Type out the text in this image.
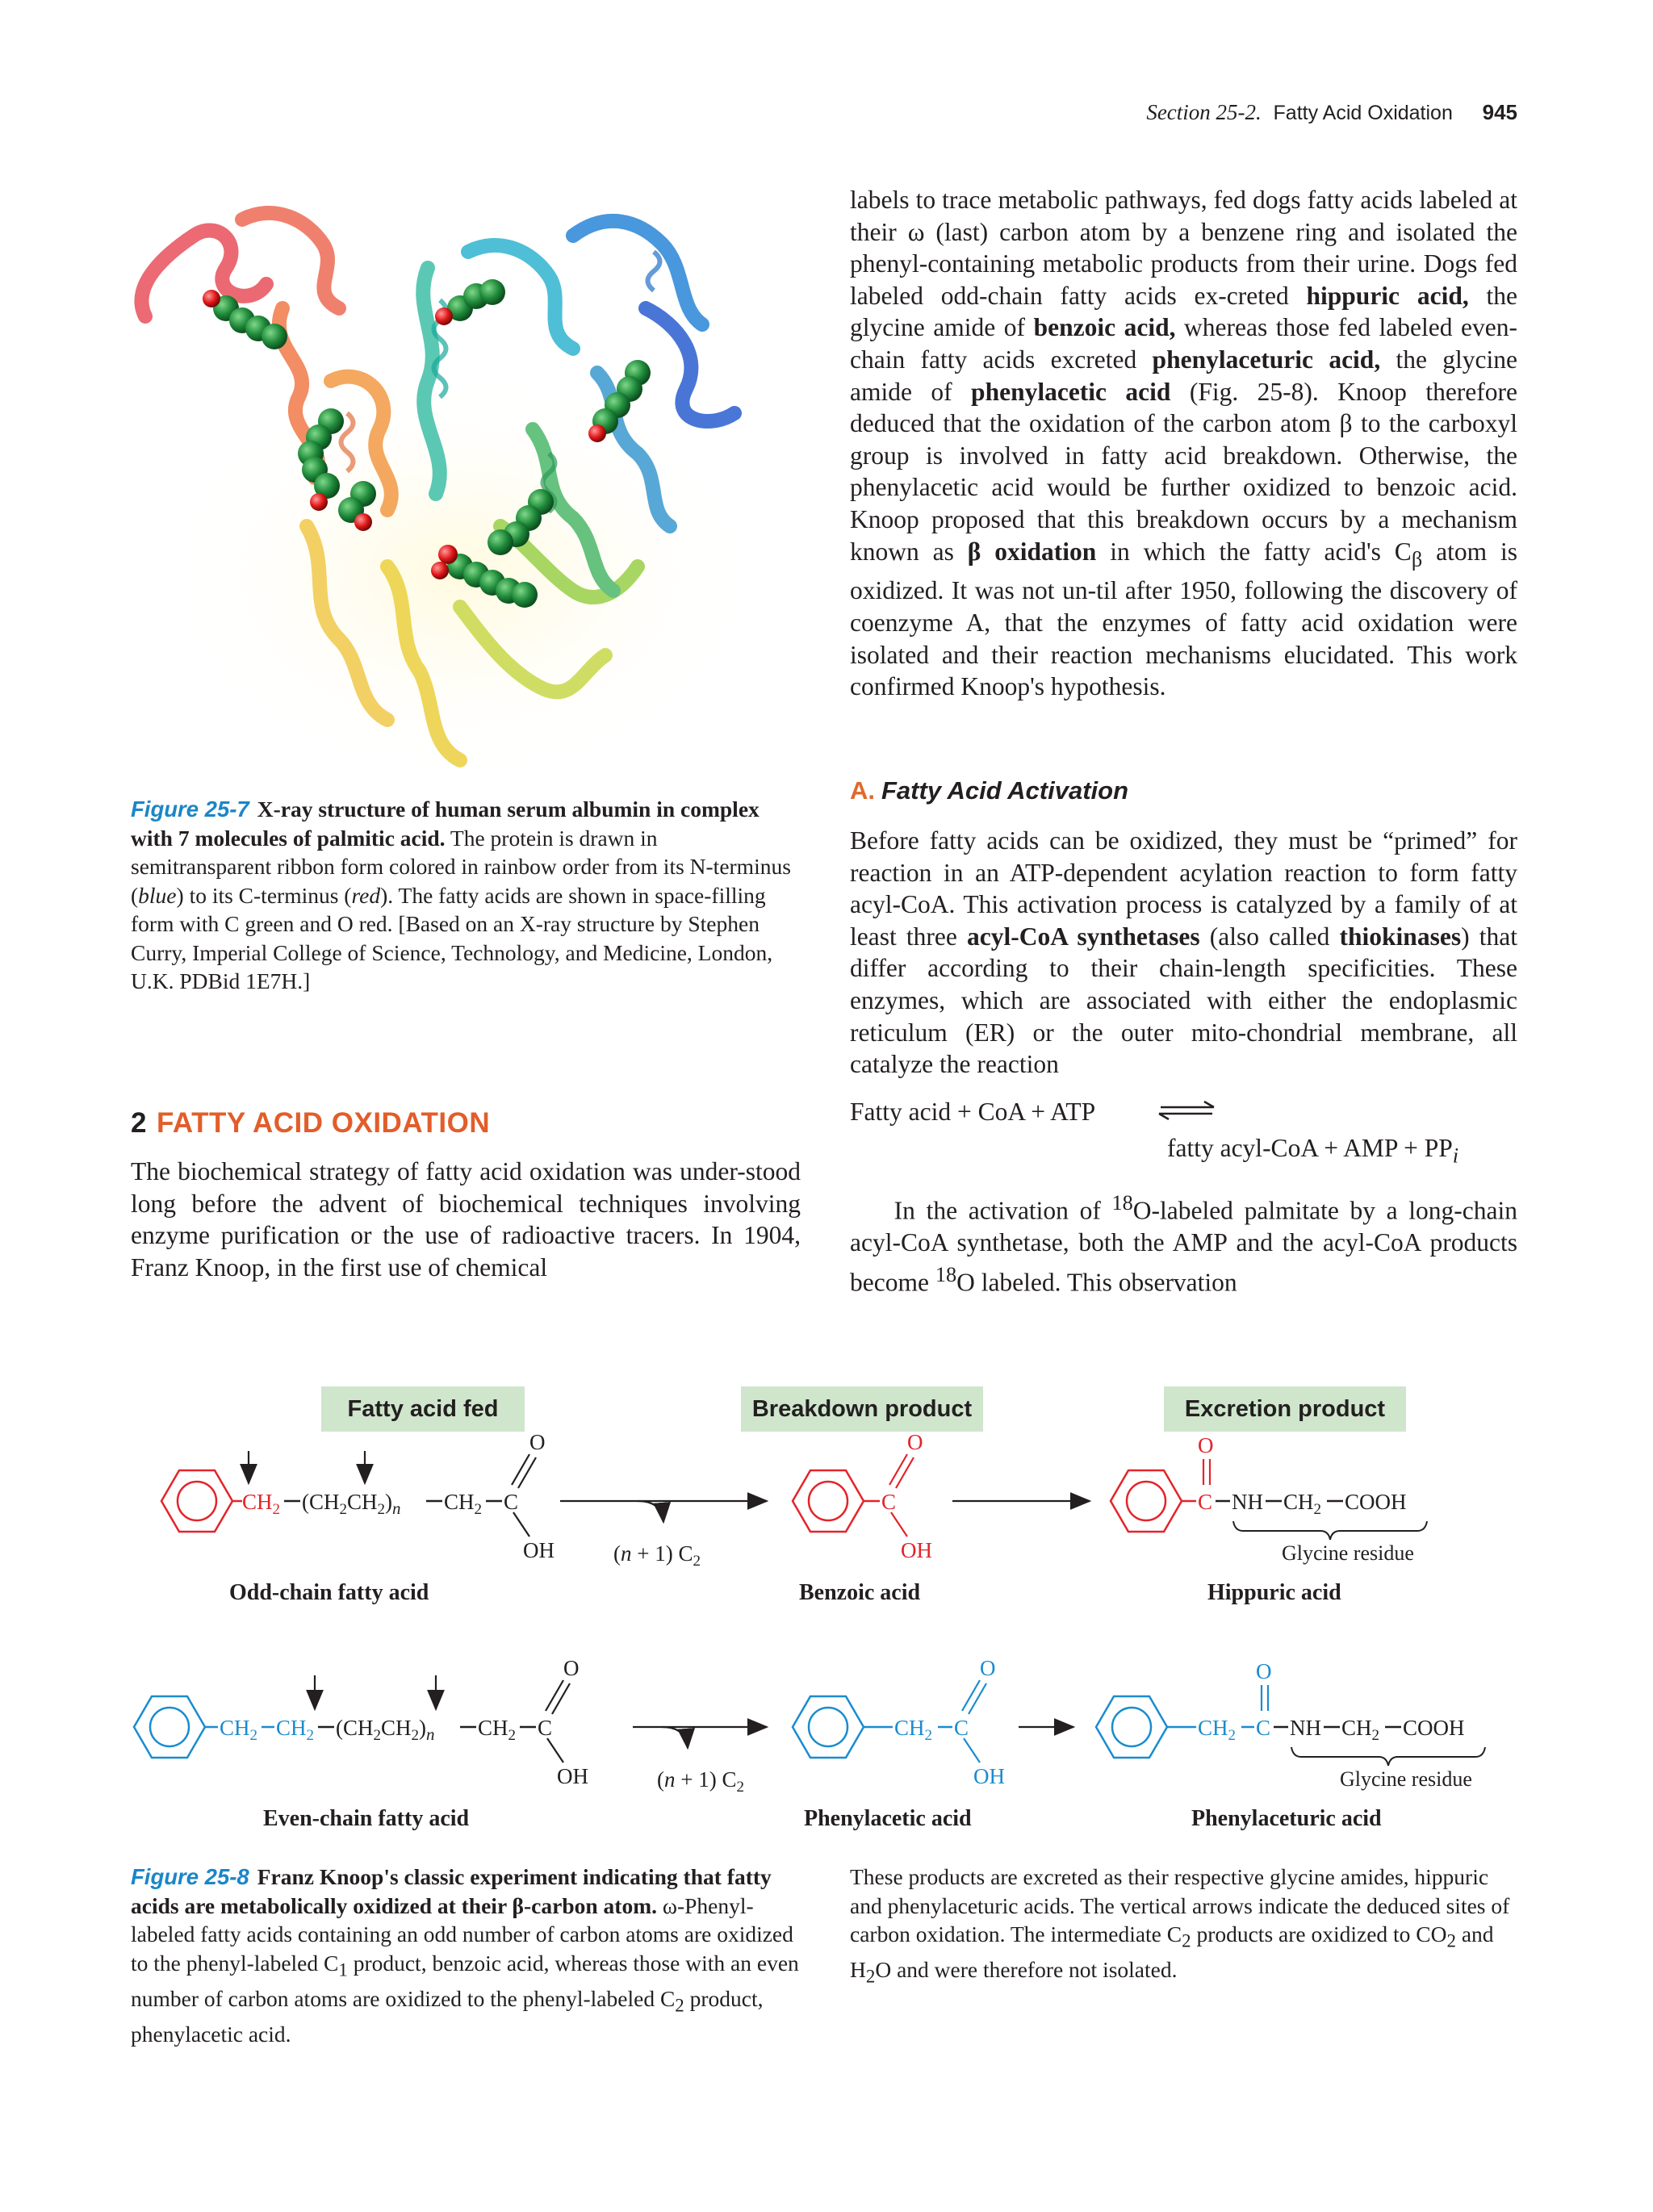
Section 25-2. Fatty Acid Oxidation 945
labels to trace metabolic pathways, fed dogs fatty acids labeled at their ω (last) carbon atom by a benzene ring and isolated the phenyl-containing metabolic products from their urine. Dogs fed labeled odd-chain fatty acids ex-creted hippuric acid, the glycine amide of benzoic acid, whereas those fed labeled even-chain fatty acids excreted phenylaceturic acid, the glycine amide of phenylacetic acid (Fig. 25-8). Knoop therefore deduced that the oxidation of the carbon atom β to the carboxyl group is involved in fatty acid breakdown. Otherwise, the phenylacetic acid would be further oxidized to benzoic acid. Knoop proposed that this breakdown occurs by a mechanism known as β oxidation in which the fatty acid's $C_\beta$ atom is oxidized. It was not un-til after 1950, following the discovery of coenzyme A, that the enzymes of fatty acid oxidation were isolated and their reaction mechanisms elucidated. This work confirmed Knoop's hypothesis.
Figure 25-7 X-ray structure of human serum albumin in complex with 7 molecules of palmitic acid. The protein is drawn in semitransparent ribbon form colored in rainbow order from its N-terminus (blue) to its C-terminus (red). The fatty acids are shown in space-filling form with C green and O red. [Based on an X-ray structure by Stephen Curry, Imperial College of Science, Technology, and Medicine, London, U.K. PDBid 1E7H.]
A. Fatty Acid Activation
Before fatty acids can be oxidized, they must be “primed” for reaction in an ATP-dependent acylation reaction to form fatty acyl-CoA. This activation process is catalyzed by a family of at least three acyl-CoA synthetases (also called thiokinases) that differ according to their chain-length specificities. These enzymes, which are associated with either the endoplasmic reticulum (ER) or the outer mito-chondrial membrane, all catalyze the reaction
Fatty acid + CoA + ATP
fatty acyl-CoA + AMP + $PP_i$
2 FATTY ACID OXIDATION
The biochemical strategy of fatty acid oxidation was under-stood long before the advent of biochemical techniques involving enzyme purification or the use of radioactive tracers. In 1904, Franz Knoop, in the first use of chemical
In the activation of $^{18}$O-labeled palmitate by a long-chain acyl-CoA synthetase, both the AMP and the acyl-CoA products become $^{18}$O labeled. This observation
Fatty acid fed	Breakdown product	Excretion product
$CH_2$ $(CH_2CH_2)_n$ $CH_2$ C
O
OH	(n + 1) $C_2$
C
O
OH
C
O
NH $CH_2$ COOH
$CH_2$ $CH_2$ $(CH_2CH_2)_n$ $CH_2$ C
O
OH	(n + 1) $C_2$
$CH_2$ C
O
OH
$CH_2$ C
O
NH $CH_2$ COOH
Glycine residue
Glycine residue
Odd-chain fatty acid	Benzoic acid	Hippuric acid
Even-chain fatty acid	Phenylacetic acid	Phenylaceturic acid
Figure 25-8 Franz Knoop's classic experiment indicating that fatty acids are metabolically oxidized at their β-carbon atom. ω-Phenyl-labeled fatty acids containing an odd number of carbon atoms are oxidized to the phenyl-labeled $C_1$ product, benzoic acid, whereas those with an even number of carbon atoms are oxidized to the phenyl-labeled $C_2$ product, phenylacetic acid.
These products are excreted as their respective glycine amides, hippuric and phenylaceturic acids. The vertical arrows indicate the deduced sites of carbon oxidation. The intermediate $C_2$ products are oxidized to $CO_2$ and $H_2O$ and were therefore not isolated.
